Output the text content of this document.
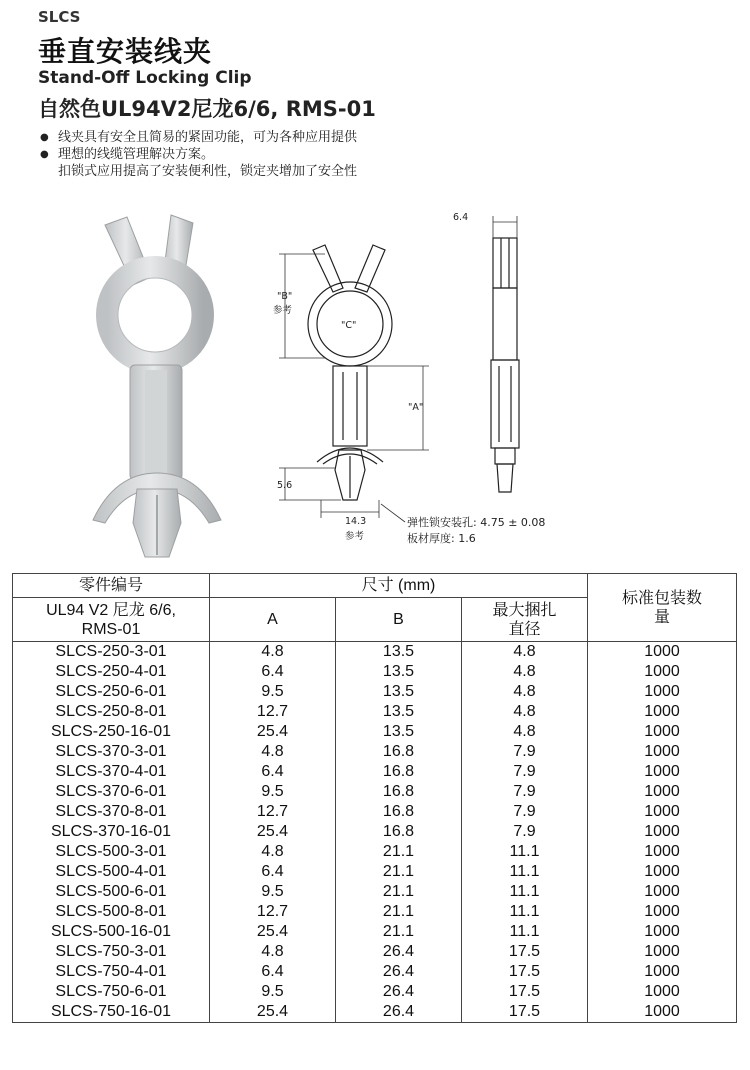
SLCS
垂直安装线夹
Stand-Off Locking Clip
自然色UL94V2尼龙6/6, RMS-01
● 线夹具有安全且简易的紧固功能，可为各种应用提供
● 理想的线缆管理解决方案。
扣锁式应用提高了安装便利性，锁定夹增加了安全性
6.4
"B"
参考
"C"
"A"
5.6
14.3
参考
弹性锁安装孔: 4.75 ± 0.08
板材厚度: 1.6
零件编号	尺寸 (mm)			标准包装数量
UL94 V2 尼龙 6/6, RMS-01	A	B	最大捆扎直径	
SLCS-250-3-01	4.8	13.5	4.8	1000
SLCS-250-4-01	6.4	13.5	4.8	1000
SLCS-250-6-01	9.5	13.5	4.8	1000
SLCS-250-8-01	12.7	13.5	4.8	1000
SLCS-250-16-01	25.4	13.5	4.8	1000
SLCS-370-3-01	4.8	16.8	7.9	1000
SLCS-370-4-01	6.4	16.8	7.9	1000
SLCS-370-6-01	9.5	16.8	7.9	1000
SLCS-370-8-01	12.7	16.8	7.9	1000
SLCS-370-16-01	25.4	16.8	7.9	1000
SLCS-500-3-01	4.8	21.1	11.1	1000
SLCS-500-4-01	6.4	21.1	11.1	1000
SLCS-500-6-01	9.5	21.1	11.1	1000
SLCS-500-8-01	12.7	21.1	11.1	1000
SLCS-500-16-01	25.4	21.1	11.1	1000
SLCS-750-3-01	4.8	26.4	17.5	1000
SLCS-750-4-01	6.4	26.4	17.5	1000
SLCS-750-6-01	9.5	26.4	17.5	1000
SLCS-750-16-01	25.4	26.4	17.5	1000
